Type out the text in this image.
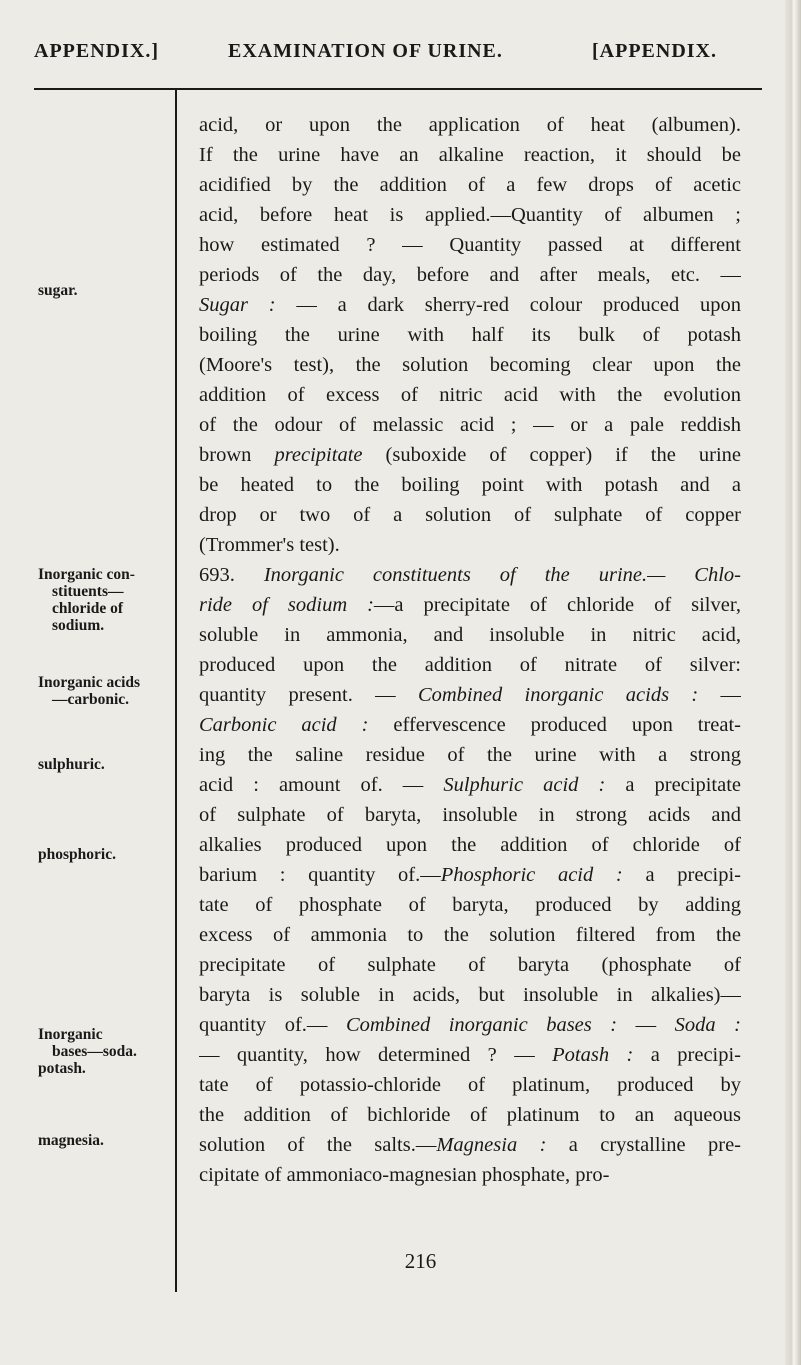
APPENDIX.]	EXAMINATION OF URINE.	[APPENDIX.
sugar.
Inorganic con-
stituents—
chloride of
sodium.
Inorganic acids
—carbonic.
sulphuric.
phosphoric.
Inorganic
bases—soda.
potash.
magnesia.
acid, or upon the application of heat (albumen).
If the urine have an alkaline reaction, it should be
acidified by the addition of a few drops of acetic
acid, before heat is applied.—Quantity of albumen ;
how estimated ? — Quantity passed at different
periods of the day, before and after meals, etc. —
Sugar : — a dark sherry-red colour produced upon
boiling the urine with half its bulk of potash
(Moore's test), the solution becoming clear upon the
addition of excess of nitric acid with the evolution
of the odour of melassic acid ; — or a pale reddish
brown precipitate (suboxide of copper) if the urine
be heated to the boiling point with potash and a
drop or two of a solution of sulphate of copper
(Trommer's test).
693. Inorganic constituents of the urine.— Chlo-
ride of sodium :—a precipitate of chloride of silver,
soluble in ammonia, and insoluble in nitric acid,
produced upon the addition of nitrate of silver:
quantity present. — Combined inorganic acids : —
Carbonic acid : effervescence produced upon treat-
ing the saline residue of the urine with a strong
acid : amount of. — Sulphuric acid : a precipitate
of sulphate of baryta, insoluble in strong acids and
alkalies produced upon the addition of chloride of
barium : quantity of.—Phosphoric acid : a precipi-
tate of phosphate of baryta, produced by adding
excess of ammonia to the solution filtered from the
precipitate of sulphate of baryta (phosphate of
baryta is soluble in acids, but insoluble in alkalies)—
quantity of.— Combined inorganic bases : — Soda :
— quantity, how determined ? — Potash : a precipi-
tate of potassio-chloride of platinum, produced by
the addition of bichloride of platinum to an aqueous
solution of the salts.—Magnesia : a crystalline pre-
cipitate of ammoniaco-magnesian phosphate, pro-
216
